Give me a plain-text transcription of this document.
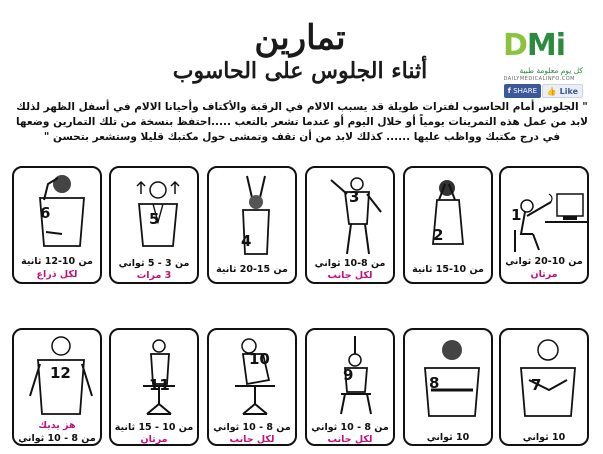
تمارين
أثناء الجلوس على الحاسوب
DMi
كل يوم معلومة طبية
DAILYMEDICALINFO.COM
f SHARE	👍 Like
" الجلوس أمام الحاسوب لفترات طويلة قد يسبب الالام في الرقبة والأكتاف وأحيانا الالام في أسفل الظهر لذلك لابد من عمل هذه التمرينات يومياً أو خلال اليوم أو عندما تشعر بالتعب .....احتفظ بنسخة من تلك التمارين وضعها في درج مكتبك وواظب عليها ...... كذلك لابد من أن تقف وتمشى حول مكتبك قليلا وستشعر بتحسن "
1
من 10-20 ثواني
مرتان
2
من 10-15 ثانية
3
من 8-10 ثواني
لكل جانب
4
من 15-20 ثانية
5
من 3 - 5 ثواني
3 مرات
6
من 10-12 ثانية
لكل ذراع
7
10 ثواني
8
10 ثواني
9
من 8 - 10 ثواني
لكل جانب
10
من 8 - 10 ثواني
لكل جانب
11
من 10 - 15 ثانية
مرتان
12
هز يديك
من 8 - 10 ثواني
